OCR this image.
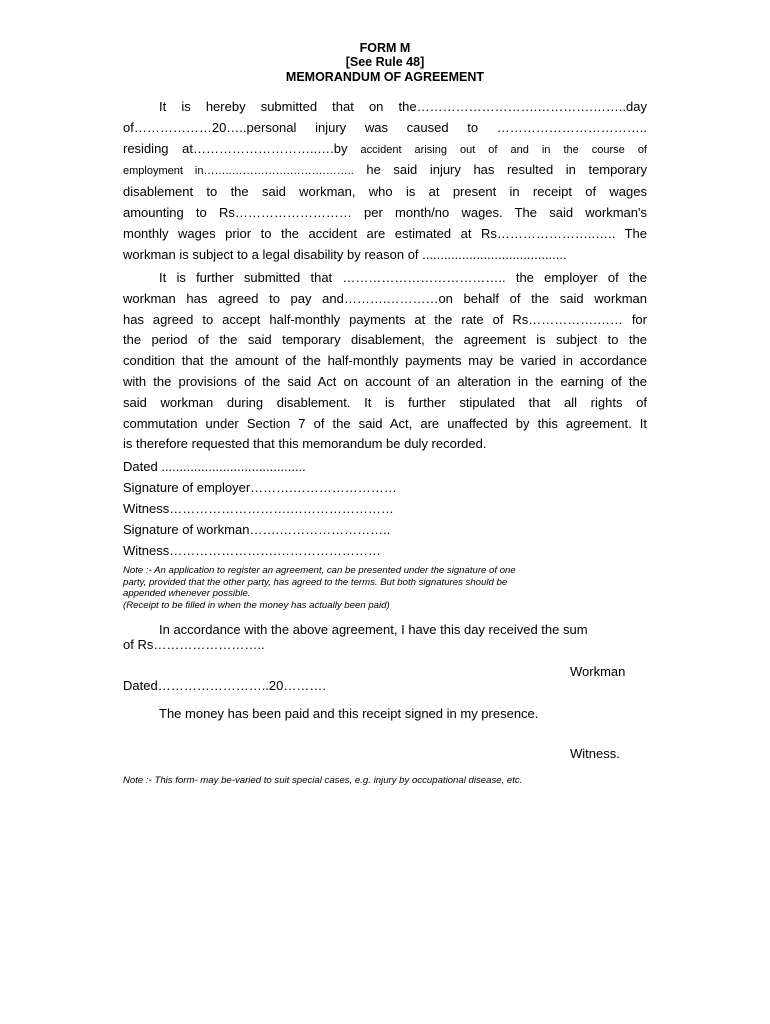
FORM M
[See Rule 48]
MEMORANDUM OF AGREEMENT
It is hereby submitted that on the……………………….………….……..day
of………………20…..personal injury was caused to ……………………………..
residing at………………………..….by accident arising out of and in the course of
employment in……..…………….……….…….. he said injury has resulted in temporary
disablement to the said workman, who is at present in receipt of wages
amounting to Rs……………………… per month/no wages. The said workman's
monthly wages prior to the accident are estimated at Rs…………………..….. The
workman is subject to a legal disability by reason of ........................................
It is further submitted that ……………………………….. the employer of the
workman has agreed to pay and……….…………on behalf of the said workman
has agreed to accept half-monthly payments at the rate of Rs…………….…… for
the period of the said temporary disablement, the agreement is subject to the
condition that the amount of the half-monthly payments may be varied in accordance
with the provisions of the said Act on account of an alteration in the earning of the
said workman during disablement. It is further stipulated that all rights of
commutation under Section 7 of the said Act, are unaffected by this agreement. It
is therefore requested that this memorandum be duly recorded.
Dated ........................................
Signature of employer……….……………………
Witness……………………….……………………
Signature of workman…….……………………..
Witness…………………….……………………
Note :- An application to register an agreement, can be presented under the signature of one
party, provided that the other party, has agreed to the terms. But both signatures should be
appended whenever possible.
(Receipt to be filled in when the money has actually been paid)
In accordance with the above agreement, I have this day received the sum
of Rs……………………..
Workman
Dated……………………..20……….
The money has been paid and this receipt signed in my presence.
Witness.
Note :- This form- may be-varied to suit special cases, e.g. injury by occupational disease, etc.
